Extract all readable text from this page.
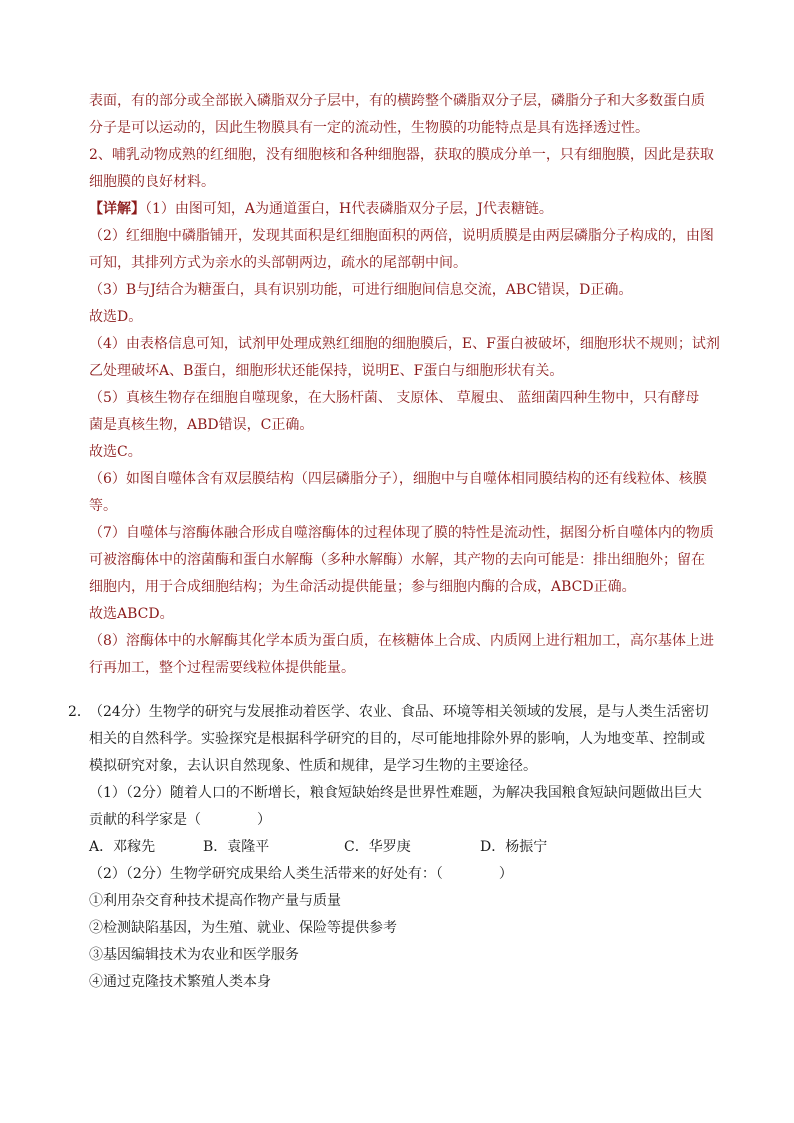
表面，有的部分或全部嵌入磷脂双分子层中，有的横跨整个磷脂双分子层，磷脂分子和大多数蛋白质

分子是可以运动的，因此生物膜具有一定的流动性，生物膜的功能特点是具有选择透过性。

2、哺乳动物成熟的红细胞，没有细胞核和各种细胞器，获取的膜成分单一，只有细胞膜，因此是获取

细胞膜的良好材料。

【详解】（1）由图可知，A为通道蛋白，H代表磷脂双分子层，J代表糖链。

（2）红细胞中磷脂铺开，发现其面积是红细胞面积的两倍，说明质膜是由两层磷脂分子构成的，由图

可知，其排列方式为亲水的头部朝两边，疏水的尾部朝中间。

（3）B与J结合为糖蛋白，具有识别功能，可进行细胞间信息交流，ABC错误，D正确。

故选D。

（4）由表格信息可知，试剂甲处理成熟红细胞的细胞膜后，E、F蛋白被破坏，细胞形状不规则；试剂

乙处理破坏A、B蛋白，细胞形状还能保持，说明E、F蛋白与细胞形状有关。

（5）真核生物存在细胞自噬现象，在大肠杆菌、 支原体、 草履虫、 蓝细菌四种生物中，只有酵母

菌是真核生物，ABD错误，C正确。

故选C。

（6）如图自噬体含有双层膜结构（四层磷脂分子），细胞中与自噬体相同膜结构的还有线粒体、核膜

等。

（7）自噬体与溶酶体融合形成自噬溶酶体的过程体现了膜的特性是流动性，据图分析自噬体内的物质

可被溶酶体中的溶菌酶和蛋白水解酶（多种水解酶）水解，其产物的去向可能是：排出细胞外；留在

细胞内，用于合成细胞结构；为生命活动提供能量；参与细胞内酶的合成，ABCD正确。

故选ABCD。

（8）溶酶体中的水解酶其化学本质为蛋白质，在核糖体上合成、内质网上进行粗加工，高尔基体上进

行再加工，整个过程需要线粒体提供能量。

2．
（24分）生物学的研究与发展推动着医学、农业、食品、环境等相关领域的发展，是与人类生活密切

相关的自然科学。实验探究是根据科学研究的目的，尽可能地排除外界的影响，人为地变革、控制或

模拟研究对象，去认识自然现象、性质和规律，是学习生物的主要途径。

（1）（2分）随着人口的不断增长，粮食短缺始终是世界性难题，为解决我国粮食短缺问题做出巨大

贡献的科学家是（　　　　）

A．邓稼先	B．袁隆平	C．华罗庚	D．杨振宁

（2）（2分）生物学研究成果给人类生活带来的好处有：（　　　　）

①利用杂交育种技术提高作物产量与质量

②检测缺陷基因，为生殖、就业、保险等提供参考

③基因编辑技术为农业和医学服务

④通过克隆技术繁殖人类本身
